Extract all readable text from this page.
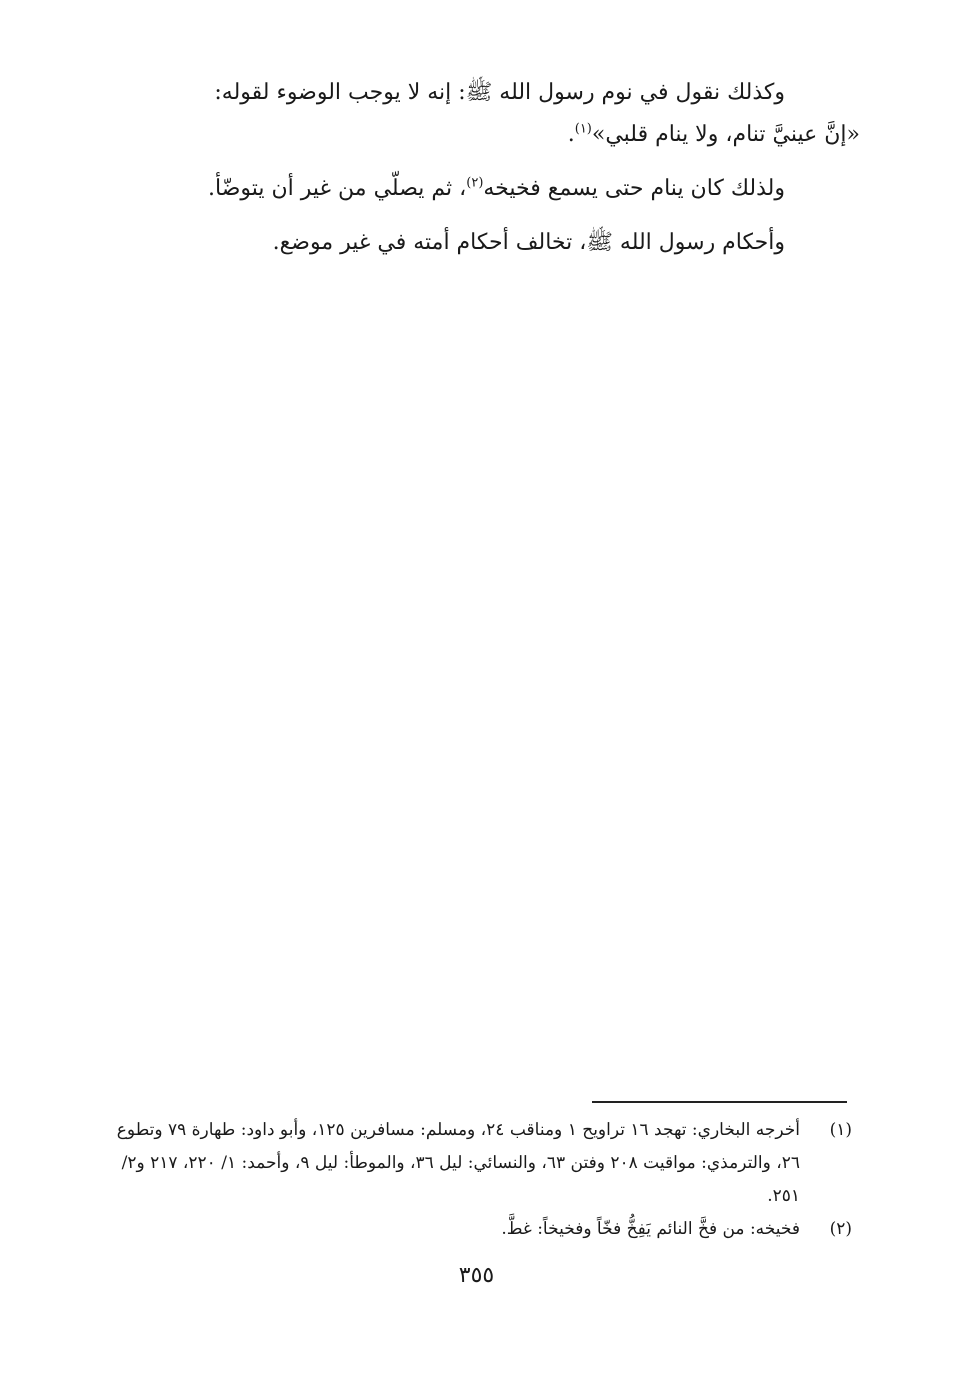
وكذلك نقول في نوم رسول الله ﷺ: إنه لا يوجب الوضوء لقوله:
«إنَّ عينيَّ تنام، ولا ينام قلبي»$^{(١)}$.

ولذلك كان ينام حتى يسمع فخيخه$^{(٢)}$، ثم يصلّي من غير أن يتوضّأ.

وأحكام رسول الله ﷺ، تخالف أحكام أمته في غير موضع.

(١)
أخرجه البخاري: تهجد ١٦ تراويح ١ ومناقب ٢٤، ومسلم: مسافرين ١٢٥، وأبو داود: طهارة ٧٩ وتطوع ٢٦، والترمذي: مواقيت ٢٠٨ وفتن ٦٣، والنسائي: ليل ٣٦، والموطأ: ليل ٩، وأحمد: ١/ ٢٢٠، ٢١٧ و٢/ ٢٥١.

(٢)
فخيخه: من فخَّ النائم يَفِخُّ فخّاً وفخيخاً: غطَّ.

٣٥٥
